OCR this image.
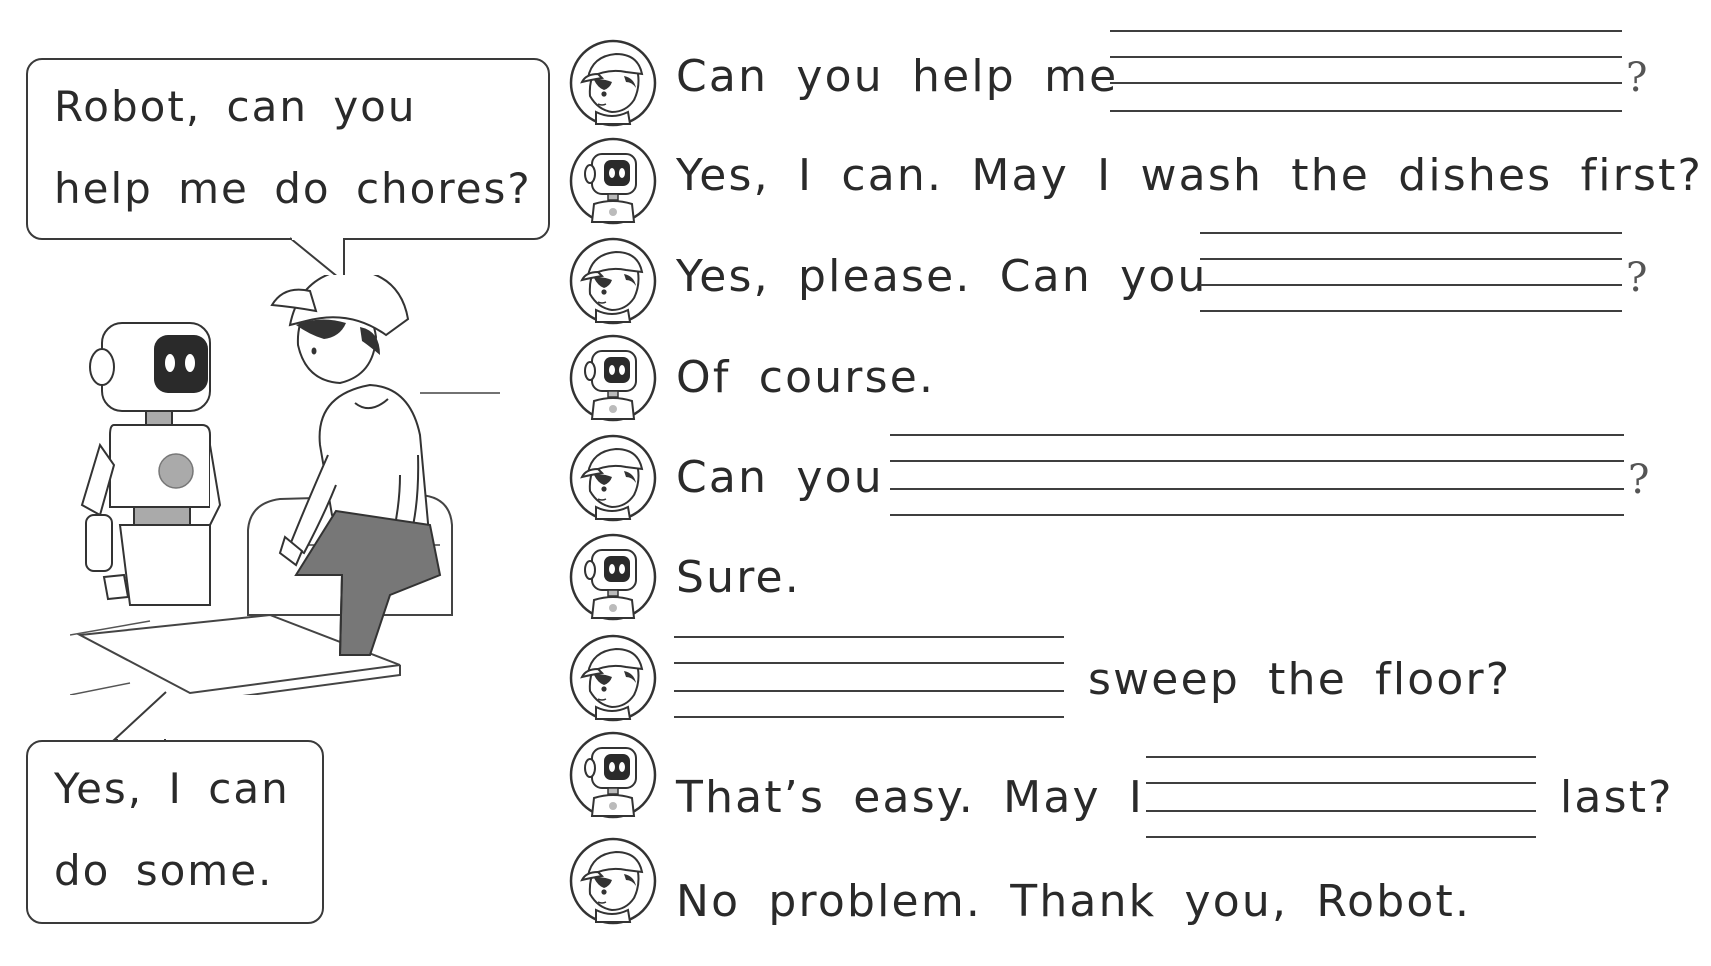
Robot, can you
help me do chores?
Yes, I can
do some.
Can you help me	?
Yes, I can. May I wash the dishes first?
Yes, please. Can you	?
Of course.
Can you	?
Sure.
sweep the floor?
That’s easy. May I	last?
No problem. Thank you, Robot.
